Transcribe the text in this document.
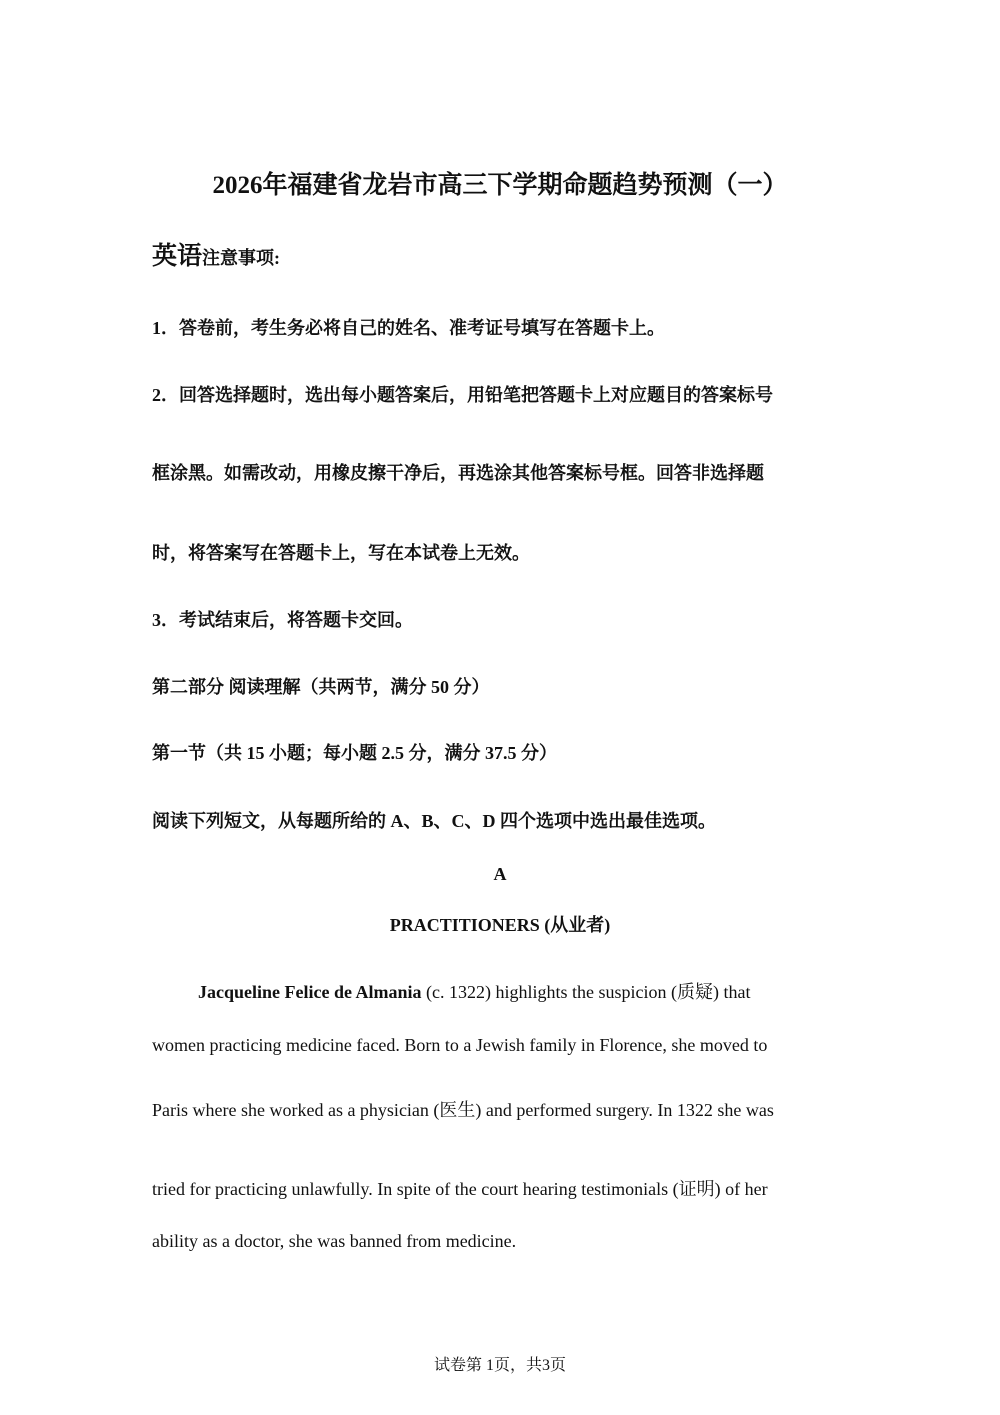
2026年福建省龙岩市高三下学期命题趋势预测（一）
英语注意事项:
1．答卷前，考生务必将自己的姓名、准考证号填写在答题卡上。
2．回答选择题时，选出每小题答案后，用铅笔把答题卡上对应题目的答案标号
框涂黑。如需改动，用橡皮擦干净后，再选涂其他答案标号框。回答非选择题
时，将答案写在答题卡上，写在本试卷上无效。
3．考试结束后，将答题卡交回。
第二部分 阅读理解（共两节，满分 50 分）
第一节（共 15 小题；每小题 2.5 分，满分 37.5 分）
阅读下列短文，从每题所给的 A、B、C、D 四个选项中选出最佳选项。
A
PRACTITIONERS (从业者)
Jacqueline Felice de Almania (c. 1322) highlights the suspicion (质疑) that
women practicing medicine faced. Born to a Jewish family in Florence, she moved to
Paris where she worked as a physician (医生) and performed surgery. In 1322 she was
tried for practicing unlawfully. In spite of the court hearing testimonials (证明) of her
ability as a doctor, she was banned from medicine.
试卷第 1页，共3页
